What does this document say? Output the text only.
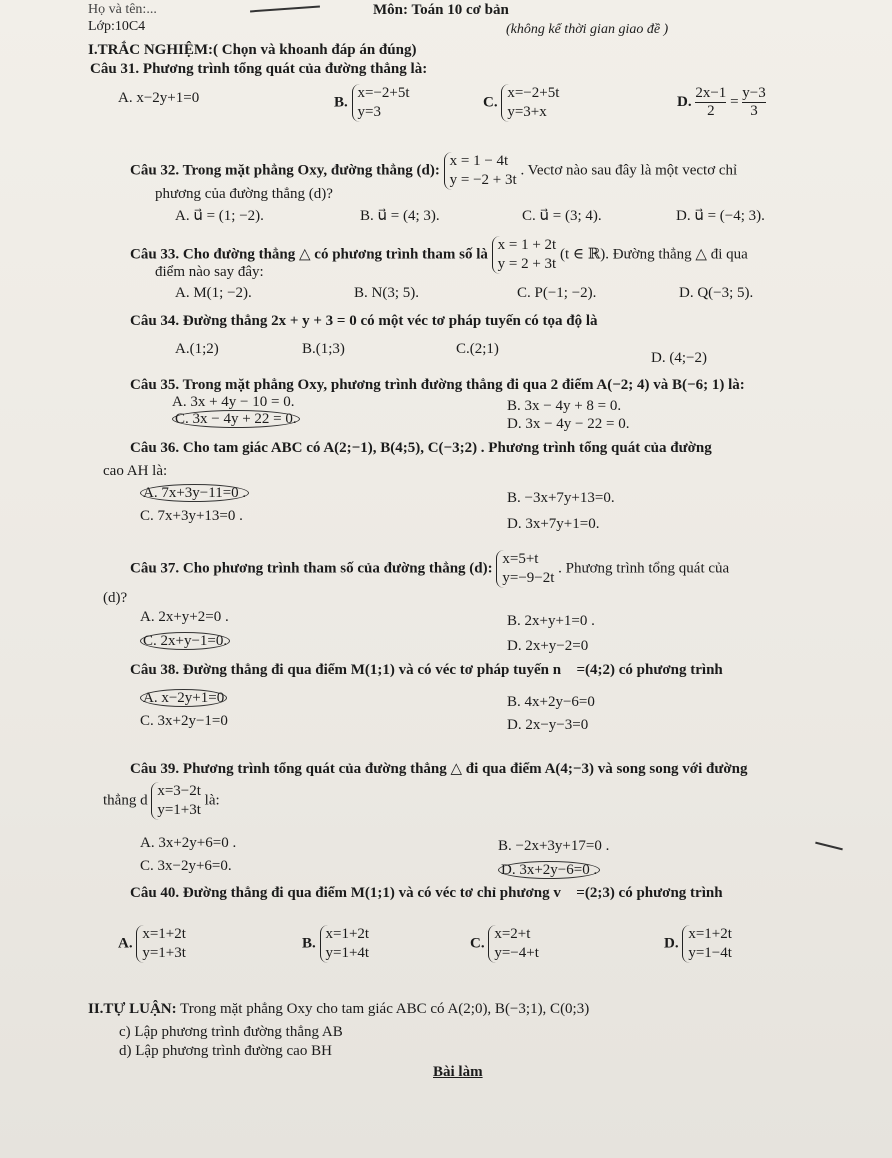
Họ và tên:...
Lớp:10C4
Môn: Toán 10 cơ bản
(không kể thời gian giao đề )
I.TRẮC NGHIỆM:( Chọn và khoanh đáp án đúng)
Câu 31. Phương trình tổng quát của đường thẳng là:
A. x−2y+1=0	B. x=−2+5t
y=3
C. x=−2+5t
y=3+x
D. $\frac{2x-1}{2} = \frac{y-3}{3}$
Câu 32. Trong mặt phẳng Oxy, đường thẳng (d): x = 1 − 4t
y = −2 + 3t . Vectơ nào sau đây là một vectơ chỉ
phương của đường thẳng (d)?
A. u⃗ = (1; −2).	B. u⃗ = (4; 3).	C. u⃗ = (3; 4).	D. u⃗ = (−4; 3).
Câu 33. Cho đường thẳng △ có phương trình tham số là x = 1 + 2t
y = 2 + 3t (t ∈ ℝ). Đường thẳng △ đi qua
điểm nào say đây:
A. M(1; −2).	B. N(3; 5).	C. P(−1; −2).	D. Q(−3; 5).
Câu 34. Đường thẳng 2x + y + 3 = 0 có một véc tơ pháp tuyến có tọa độ là
A.(1;2)	B.(1;3)	C.(2;1)
D. (4;−2)
Câu 35. Trong mặt phẳng Oxy, phương trình đường thẳng đi qua 2 điểm A(−2; 4) và B(−6; 1) là:
A. 3x + 4y − 10 = 0.	B. 3x − 4y + 8 = 0.
C. 3x − 4y + 22 = 0.	D. 3x − 4y − 22 = 0.
Câu 36. Cho tam giác ABC có A(2;−1), B(4;5), C(−3;2) . Phương trình tổng quát của đường
cao AH là:
A. 7x+3y−11=0 .	B. −3x+7y+13=0.
C. 7x+3y+13=0 .	D. 3x+7y+1=0.
Câu 37. Cho phương trình tham số của đường thẳng (d): x=5+t
y=−9−2t . Phương trình tổng quát của
(d)?
A. 2x+y+2=0 .	B. 2x+y+1=0 .
C. 2x+y−1=0.	D. 2x+y−2=0
Câu 38. Đường thẳng đi qua điểm M(1;1) và có véc tơ pháp tuyến n⃗ =(4;2) có phương trình
A. x−2y+1=0	B. 4x+2y−6=0
C. 3x+2y−1=0	D. 2x−y−3=0
Câu 39. Phương trình tổng quát của đường thẳng △ đi qua điểm A(4;−3) và song song với đường
thẳng d x=3−2t
y=1+3t là:
A. 3x+2y+6=0 .	B. −2x+3y+17=0 .
C. 3x−2y+6=0.	D. 3x+2y−6=0 .
Câu 40. Đường thẳng đi qua điểm M(1;1) và có véc tơ chỉ phương v⃗ =(2;3) có phương trình
A. x=1+2t
y=1+3t
B. x=1+2t
y=1+4t
C. x=2+t
y=−4+t
D. x=1+2t
y=1−4t
II.TỰ LUẬN: Trong mặt phẳng Oxy cho tam giác ABC có A(2;0), B(−3;1), C(0;3)
c) Lập phương trình đường thẳng AB
d) Lập phương trình đường cao BH
Bài làm
